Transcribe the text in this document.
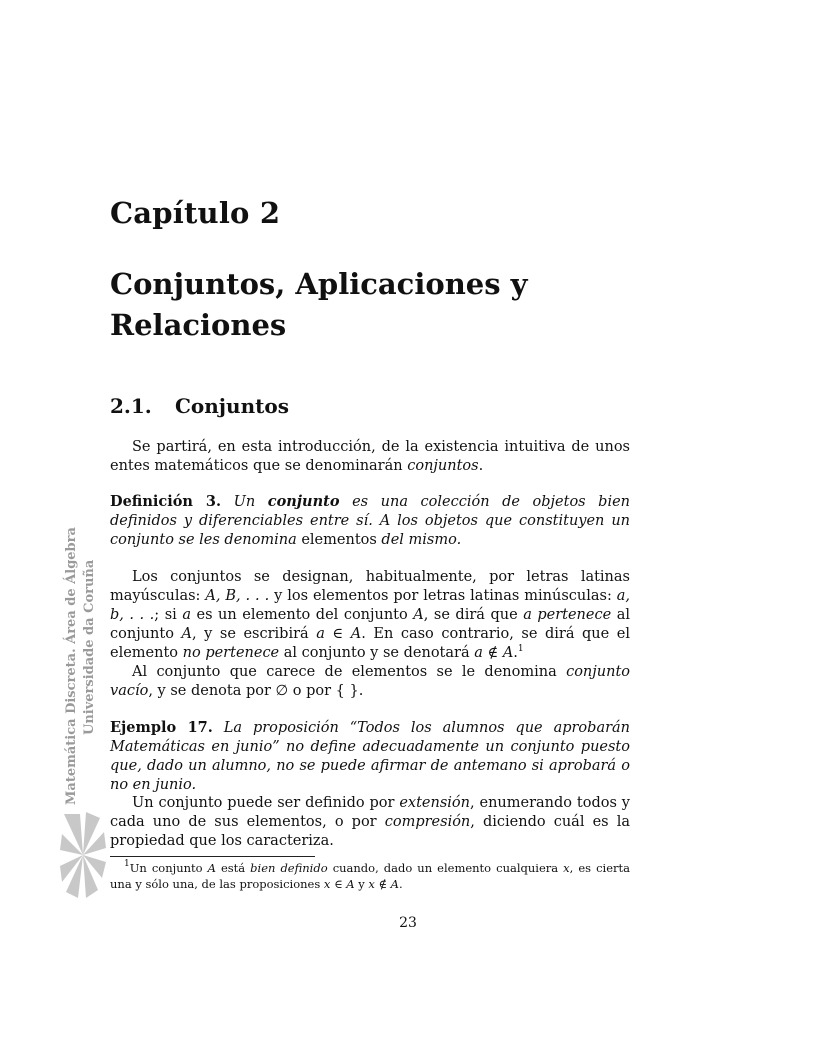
Capítulo 2
Conjuntos, Aplicaciones y
Relaciones
2.1. Conjuntos

Se partirá, en esta introducción, de la existencia intuitiva de unos entes matemáticos que se denominarán conjuntos.

Definición 3. Un conjunto es una colección de objetos bien definidos y diferenciables entre sí. A los objetos que constituyen un conjunto se les denomina elementos del mismo.

Los conjuntos se designan, habitualmente, por letras latinas mayúsculas: A, B, . . . y los elementos por letras latinas minúsculas: a, b, . . .; si a es un elemento del conjunto A, se dirá que a pertenece al conjunto A, y se escribirá a ∈ A. En caso contrario, se dirá que el elemento no pertenece al conjunto y se denotará a ∉ A.$^1$

Al conjunto que carece de elementos se le denomina conjunto vacío, y se denota por ∅ o por { }.

Ejemplo 17. La proposición “Todos los alumnos que aprobarán Matemáticas en junio” no define adecuadamente un conjunto puesto que, dado un alumno, no se puede afirmar de antemano si aprobará o no en junio.

Un conjunto puede ser definido por extensión, enumerando todos y cada uno de sus elementos, o por compresión, diciendo cuál es la propiedad que los caracteriza.

$^1$Un conjunto A está bien definido cuando, dado un elemento cualquiera x, es cierta una y sólo una, de las proposiciones x ∈ A y x ∉ A.
23
Matemática Discreta. Área de Álgebra Universidade da Coruña
